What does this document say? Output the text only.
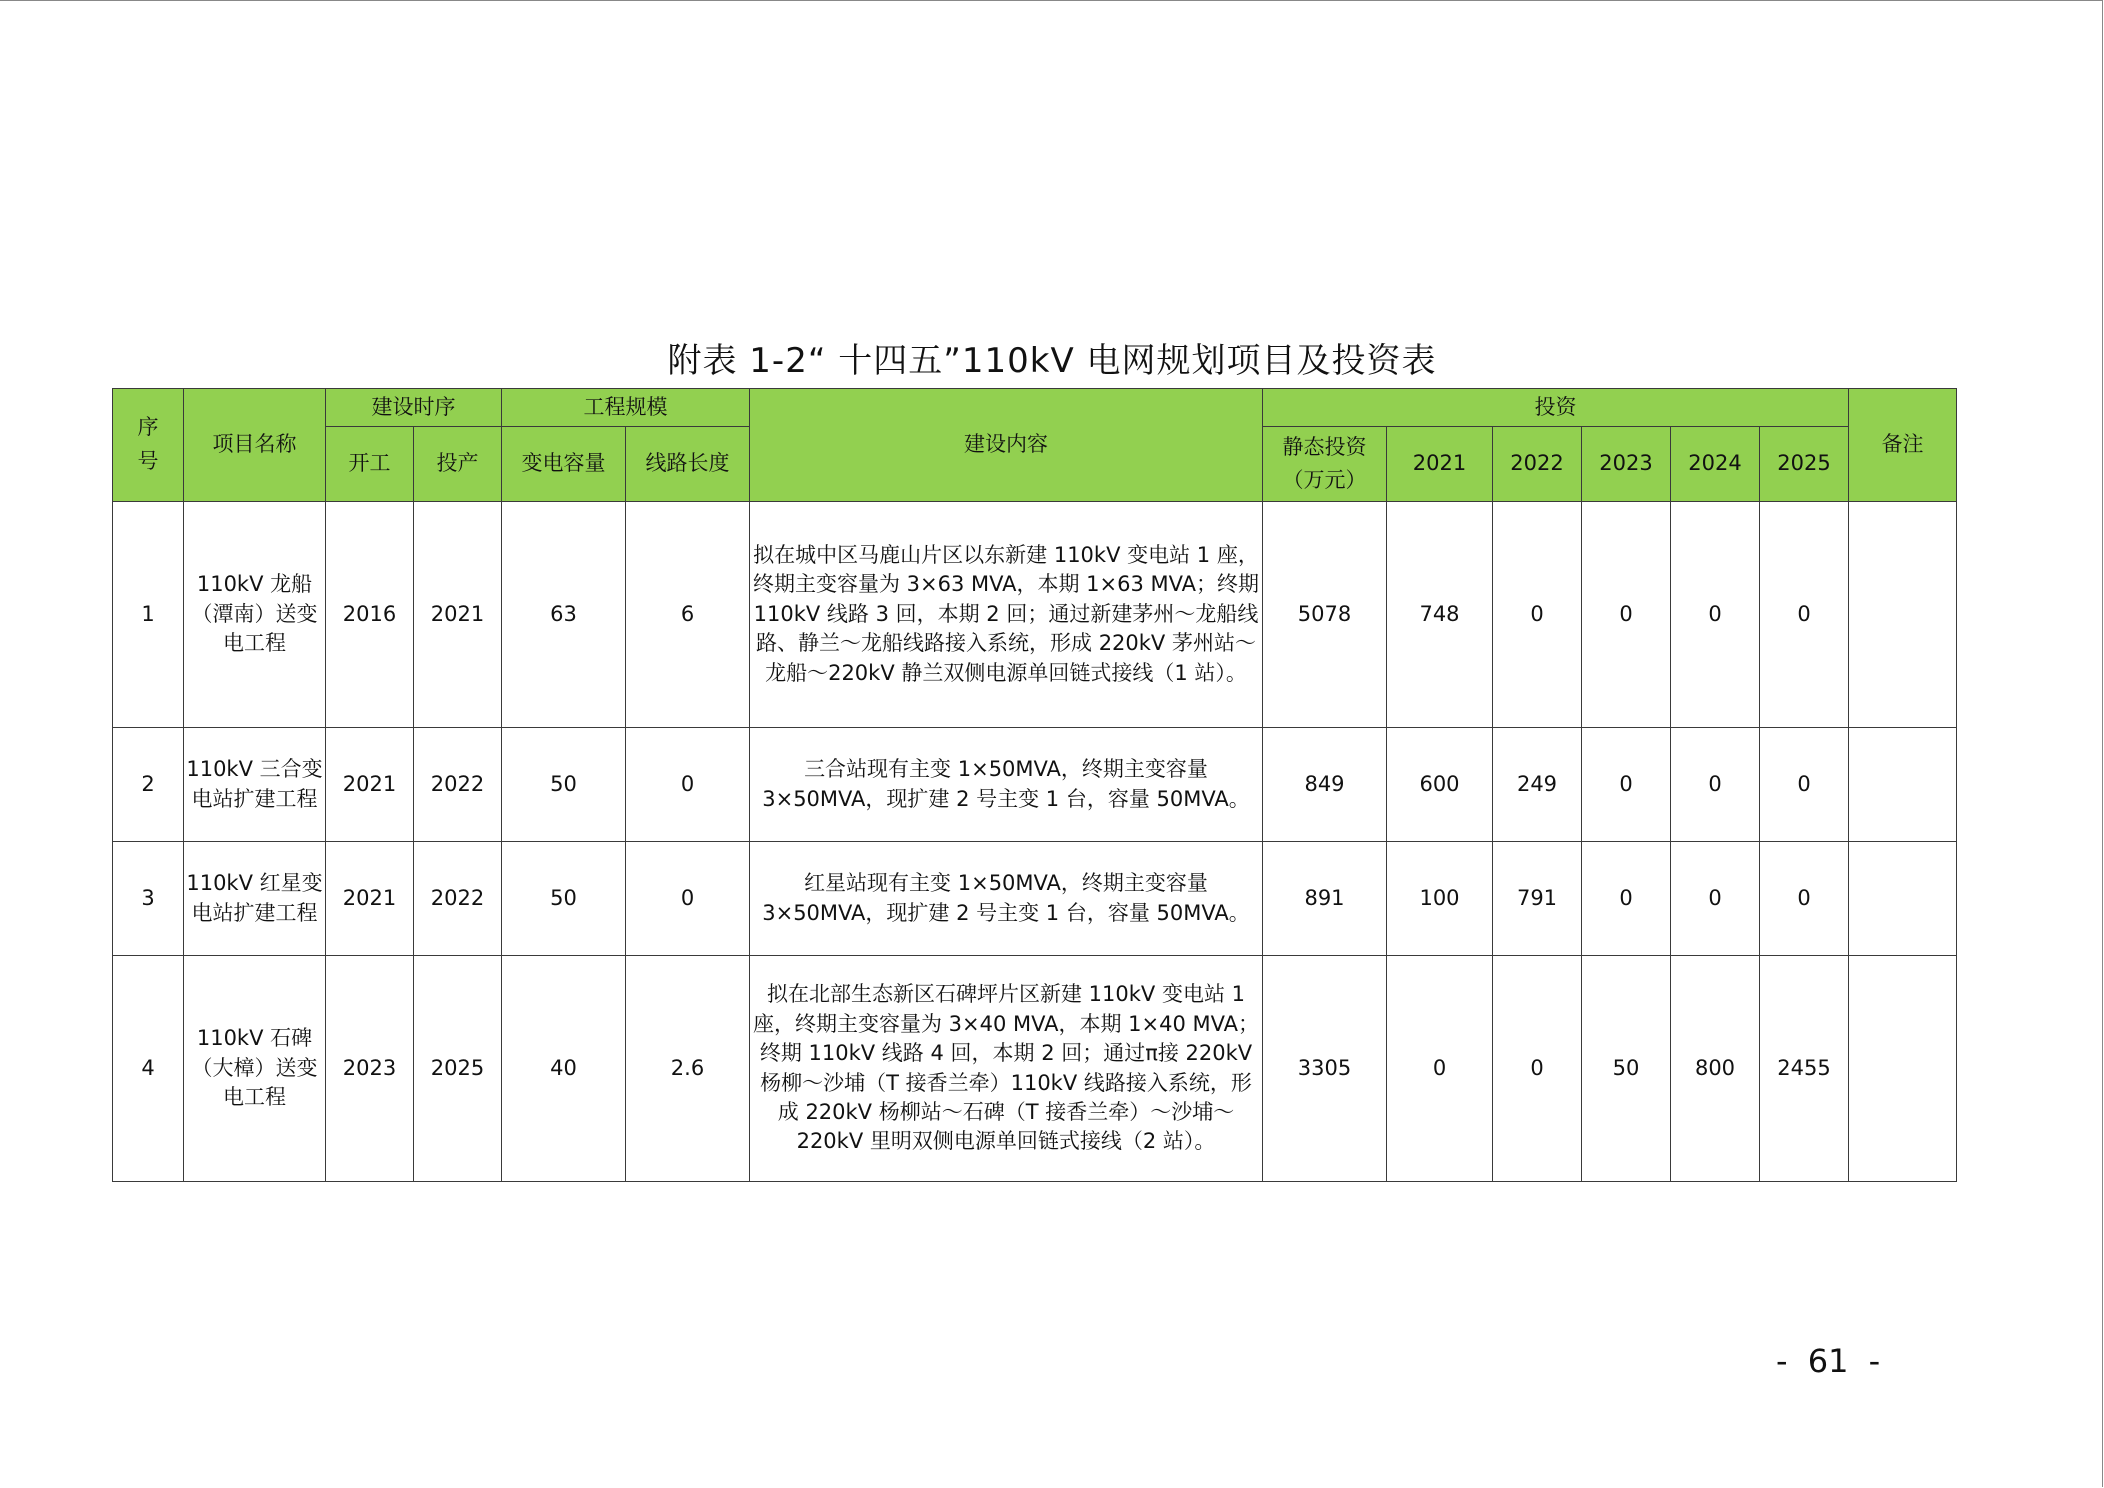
附表 1-2“ 十四五”110kV 电网规划项目及投资表
序号	项目名称	建设时序		工程规模		建设内容	投资						备注
		开工	投产	变电容量	线路长度		静态投资（万元）	2021	2022	2023	2024	2025	
1	110kV 龙船（潭南）送变电工程	2016	2021	63	6	拟在城中区马鹿山片区以东新建 110kV 变电站 1 座，终期主变容量为 3×63 MVA，本期 1×63 MVA；终期 110kV 线路 3 回，本期 2 回；通过新建茅州～龙船线路、静兰～龙船线路接入系统，形成 220kV 茅州站～龙船～220kV 静兰双侧电源单回链式接线（1 站）。	5078	748	0	0	0	0	
2	110kV 三合变电站扩建工程	2021	2022	50	0	三合站现有主变 1×50MVA，终期主变容量 3×50MVA，现扩建 2 号主变 1 台，容量 50MVA。	849	600	249	0	0	0	
3	110kV 红星变电站扩建工程	2021	2022	50	0	红星站现有主变 1×50MVA，终期主变容量 3×50MVA，现扩建 2 号主变 1 台，容量 50MVA。	891	100	791	0	0	0	
4	110kV 石碑（大樟）送变电工程	2023	2025	40	2.6	拟在北部生态新区石碑坪片区新建 110kV 变电站 1 座，终期主变容量为 3×40 MVA，本期 1×40 MVA；终期 110kV 线路 4 回，本期 2 回；通过π接 220kV 杨柳～沙埔（T 接香兰牵）110kV 线路接入系统，形成 220kV 杨柳站～石碑（T 接香兰牵）～沙埔～220kV 里明双侧电源单回链式接线（2 站）。	3305	0	0	50	800	2455	
- 61 -
